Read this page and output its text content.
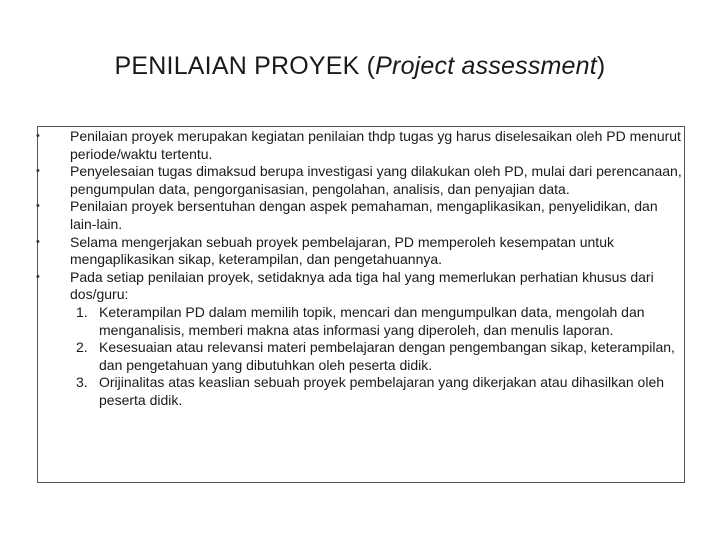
PENILAIAN PROYEK (Project assessment)
• Penilaian proyek merupakan kegiatan penilaian thdp tugas yg harus diselesaikan oleh PD menurut periode/waktu tertentu.
• Penyelesaian tugas dimaksud berupa investigasi yang dilakukan oleh PD, mulai dari perencanaan, pengumpulan data, pengorganisasian, pengolahan, analisis, dan penyajian data.
• Penilaian proyek bersentuhan dengan aspek pemahaman, mengaplikasikan, penyelidikan, dan lain-lain.
• Selama mengerjakan sebuah proyek pembelajaran, PD memperoleh kesempatan untuk mengaplikasikan sikap, keterampilan, dan pengetahuannya.
• Pada setiap penilaian proyek, setidaknya ada tiga hal yang memerlukan perhatian khusus dari dos/guru:
1. Keterampilan PD dalam memilih topik, mencari dan mengumpulkan data, mengolah dan menganalisis, memberi makna atas informasi yang diperoleh, dan menulis laporan.
2. Kesesuaian atau relevansi materi pembelajaran dengan pengembangan sikap, keterampilan, dan pengetahuan yang dibutuhkan oleh peserta didik.
3. Orijinalitas atas keaslian sebuah proyek pembelajaran yang dikerjakan atau dihasilkan oleh peserta didik.
